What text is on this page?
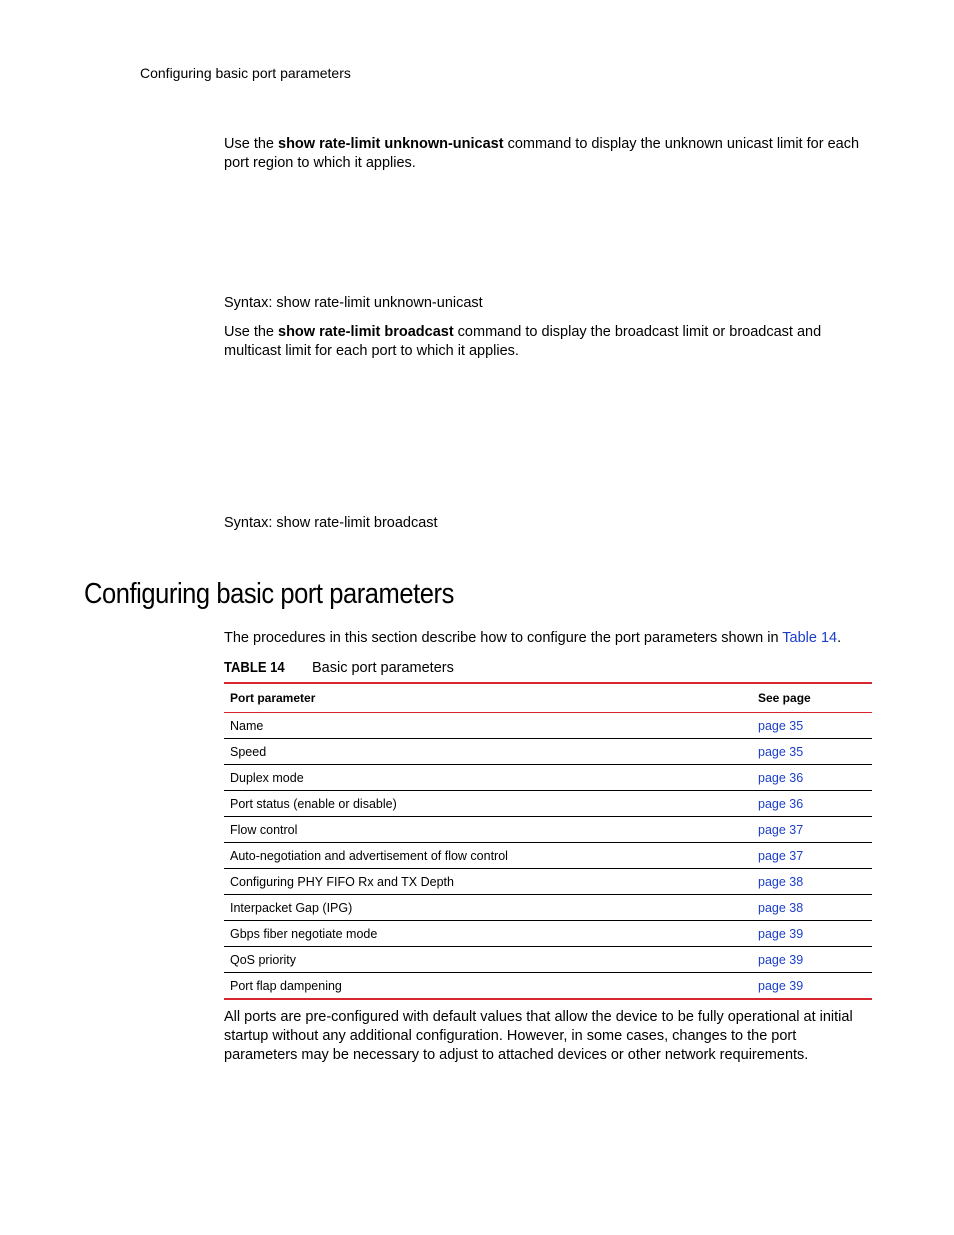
Configuring basic port parameters

Use the show rate-limit unknown-unicast command to display the unknown unicast limit for each port region to which it applies.

Syntax: show rate-limit unknown-unicast

Use the show rate-limit broadcast command to display the broadcast limit or broadcast and multicast limit for each port to which it applies.

Syntax: show rate-limit broadcast
Configuring basic port parameters

The procedures in this section describe how to configure the port parameters shown in Table 14.

TABLE 14 Basic port parameters
Port parameter	See page
Name	page 35
Speed	page 35
Duplex mode	page 36
Port status (enable or disable)	page 36
Flow control	page 37
Auto-negotiation and advertisement of flow control	page 37
Configuring PHY FIFO Rx and TX Depth	page 38
Interpacket Gap (IPG)	page 38
Gbps fiber negotiate mode	page 39
QoS priority	page 39
Port flap dampening	page 39

All ports are pre-configured with default values that allow the device to be fully operational at initial startup without any additional configuration. However, in some cases, changes to the port parameters may be necessary to adjust to attached devices or other network requirements.
